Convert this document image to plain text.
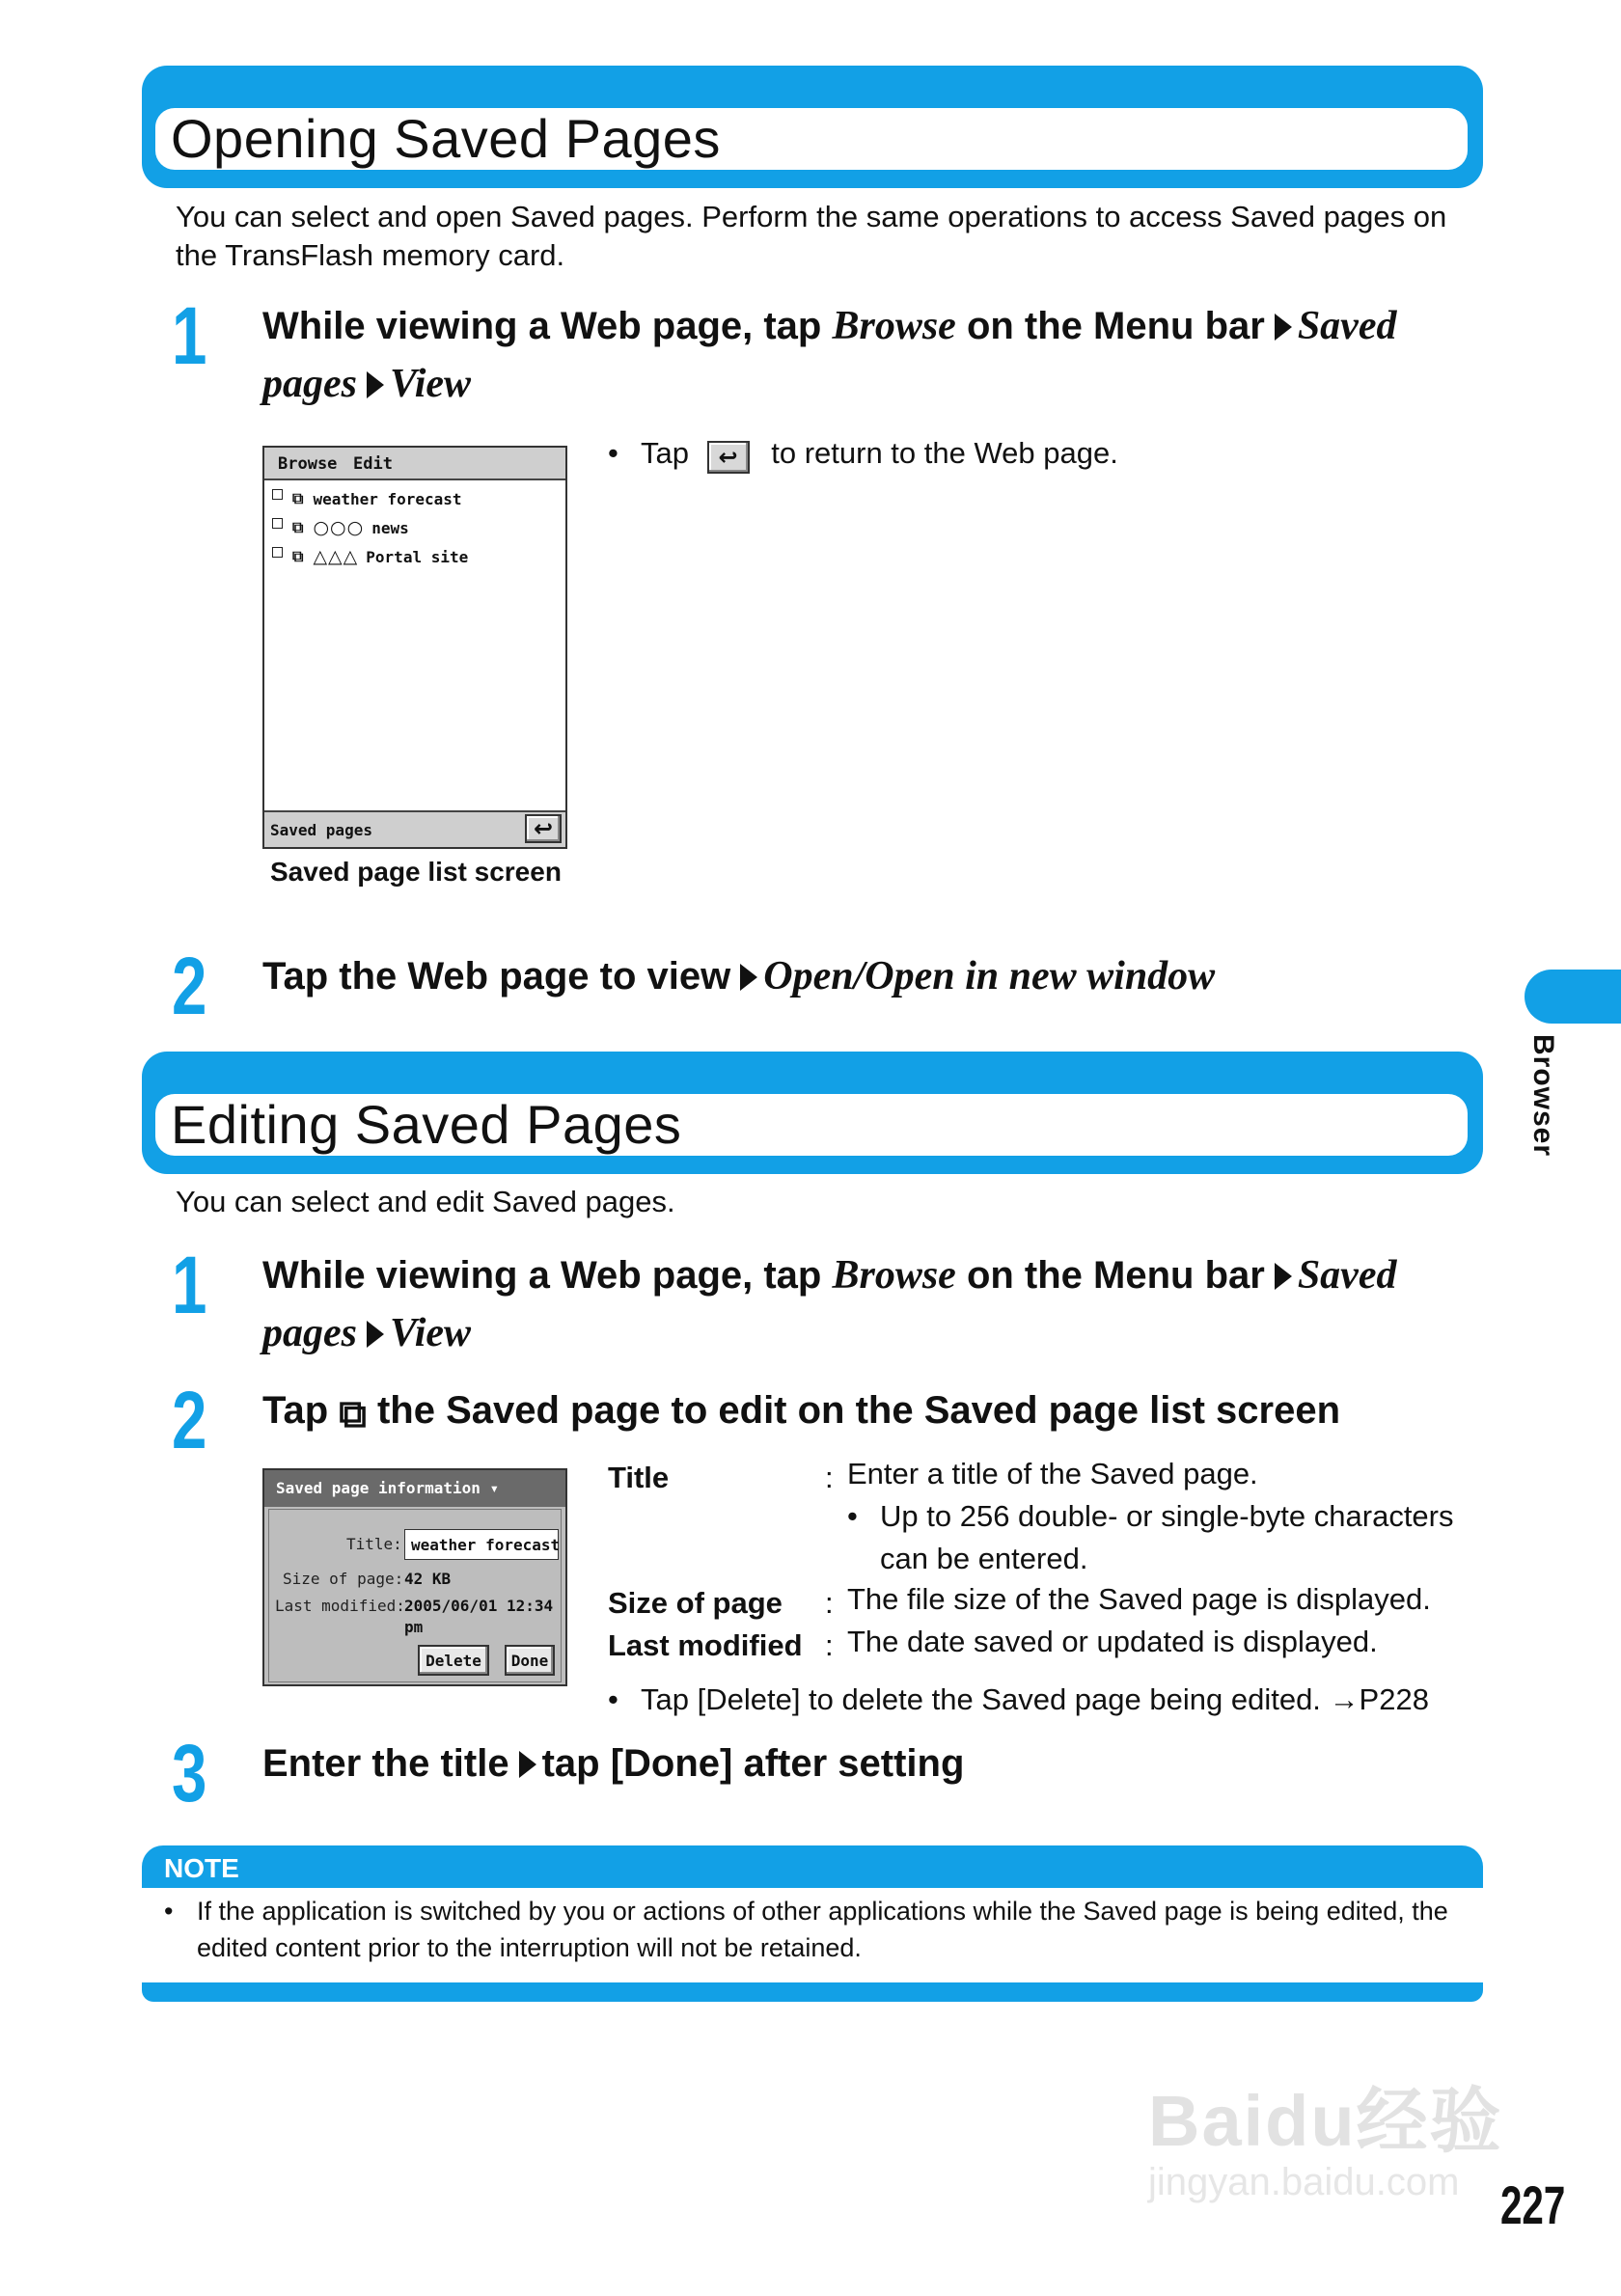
Opening Saved Pages
You can select and open Saved pages. Perform the same operations to access Saved pages on the TransFlash memory card.
1 While viewing a Web page, tap Browse on the Menu bar Saved
pages View
Browse Edit
⧉ weather forecast
⧉ ○○○ news
⧉ △△△ Portal site
Saved pages	↩
Saved page list screen
• Tap ↩ to return to the Web page.
2 Tap the Web page to view Open/Open in new window
Editing Saved Pages
You can select and edit Saved pages.
1 While viewing a Web page, tap Browse on the Menu bar Saved
pages View
2 Tap ⧉ the Saved page to edit on the Saved page list screen
Saved page information ▾
Title: weather forecast
Size of page: 42 KB
Last modified: 2005/06/01 12:34
pm
Delete	Done
Title	: Enter a title of the Saved page.
• Up to 256 double- or single-byte characters
can be entered.
Size of page : The file size of the Saved page is displayed.
Last modified : The date saved or updated is displayed.
• Tap [Delete] to delete the Saved page being edited. →P228
3 Enter the title tap [Done] after setting
NOTE
• If the application is switched by you or actions of other applications while the Saved page is being edited, the edited content prior to the interruption will not be retained.
Browser
Baidu经验
jingyan.baidu.com 227
